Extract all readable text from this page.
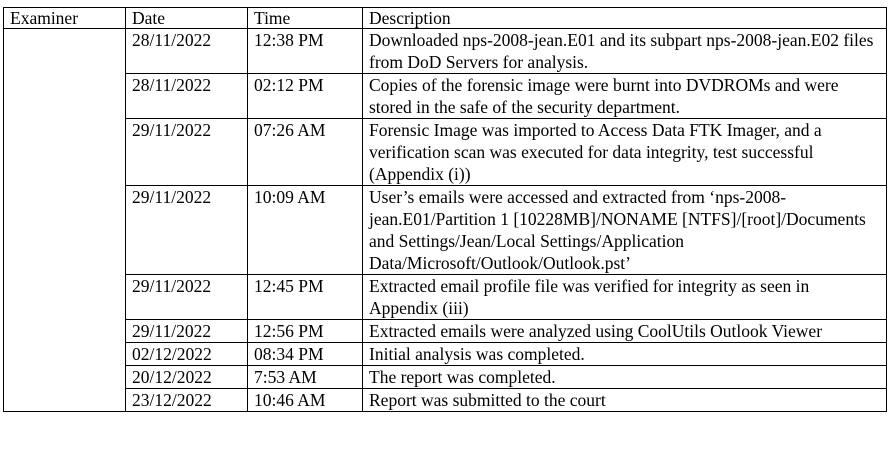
Examiner	Date	Time	Description
	28/11/2022	12:38 PM	Downloaded nps-2008-jean.E01 and its subpart nps-2008-jean.E02 files from DoD Servers for analysis.
	28/11/2022	02:12 PM	Copies of the forensic image were burnt into DVDROMs and were stored in the safe of the security department.
	29/11/2022	07:26 AM	Forensic Image was imported to Access Data FTK Imager, and a verification scan was executed for data integrity, test successful (Appendix (i))
	29/11/2022	10:09 AM	User’s emails were accessed and extracted from ‘nps-2008-jean.E01/Partition 1 [10228MB]/NONAME [NTFS]/[root]/Documents and Settings/Jean/Local Settings/Application Data/Microsoft/Outlook/Outlook.pst’
	29/11/2022	12:45 PM	Extracted email profile file was verified for integrity as seen in Appendix (iii)
	29/11/2022	12:56 PM	Extracted emails were analyzed using CoolUtils Outlook Viewer
	02/12/2022	08:34 PM	Initial analysis was completed.
	20/12/2022	7:53 AM	The report was completed.
	23/12/2022	10:46 AM	Report was submitted to the court
